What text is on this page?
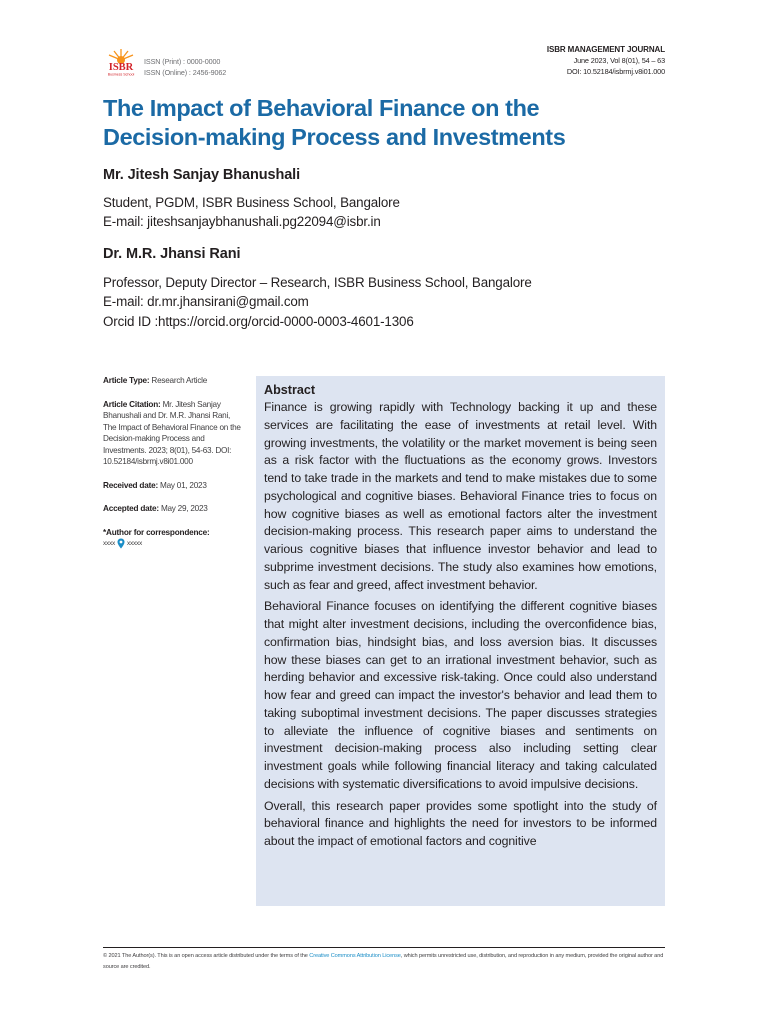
ISBR
Business School
ISSN (Print) : 0000-0000
ISSN (Online) : 2456-9062
ISBR MANAGEMENT JOURNAL
June 2023, Vol 8(01), 54 – 63
DOI: 10.52184/isbrmj.v8i01.000
The Impact of Behavioral Finance on the
Decision-making Process and Investments
Mr. Jitesh Sanjay Bhanushali
Student, PGDM, ISBR Business School, Bangalore
E-mail: jiteshsanjaybhanushali.pg22094@isbr.in
Dr. M.R. Jhansi Rani
Professor, Deputy Director – Research, ISBR Business School, Bangalore
E-mail: dr.mr.jhansirani@gmail.com
Orcid ID :https://orcid.org/orcid-0000-0003-4601-1306
Article Type: Research Article
Article Citation: Mr. Jitesh Sanjay Bhanushali and Dr. M.R. Jhansi Rani, The Impact of Behavioral Finance on the Decision-making Process and Investments. 2023; 8(01), 54-63. DOI: 10.52184/isbrmj.v8i01.000
Received date: May 01, 2023
Accepted date: May 29, 2023
*Author for correspondence:
xxxx xxxxx
Abstract

Finance is growing rapidly with Technology backing it up and these services are facilitating the ease of investments at retail level. With growing investments, the volatility or the market movement is being seen as a risk factor with the fluctuations as the economy grows. Investors tend to take trade in the markets and tend to make mistakes due to some psychological and cognitive biases. Behavioral Finance tries to focus on how cognitive biases as well as emotional factors alter the investment decision-making process. This research paper aims to understand the various cognitive biases that influence investor behavior and lead to subprime investment decisions. The study also examines how emotions, such as fear and greed, affect investment behavior.

Behavioral Finance focuses on identifying the different cognitive biases that might alter investment decisions, including the overconfidence bias, confirmation bias, hindsight bias, and loss aversion bias. It discusses how these biases can get to an irrational investment behavior, such as herding behavior and excessive risk-taking. Once could also understand how fear and greed can impact the investor's behavior and lead them to taking suboptimal investment decisions. The paper discusses strategies to alleviate the influence of cognitive biases and sentiments on investment decision-making process also including setting clear investment goals while following financial literacy and taking calculated decisions with systematic diversifications to avoid impulsive decisions.

Overall, this research paper provides some spotlight into the study of behavioral finance and highlights the need for investors to be informed about the impact of emotional factors and cognitive

© 2021 The Author(s). This is an open access article distributed under the terms of the Creative Commons Attribution License, which permits unrestricted use, distribution, and reproduction in any medium, provided the original author and source are credited.
